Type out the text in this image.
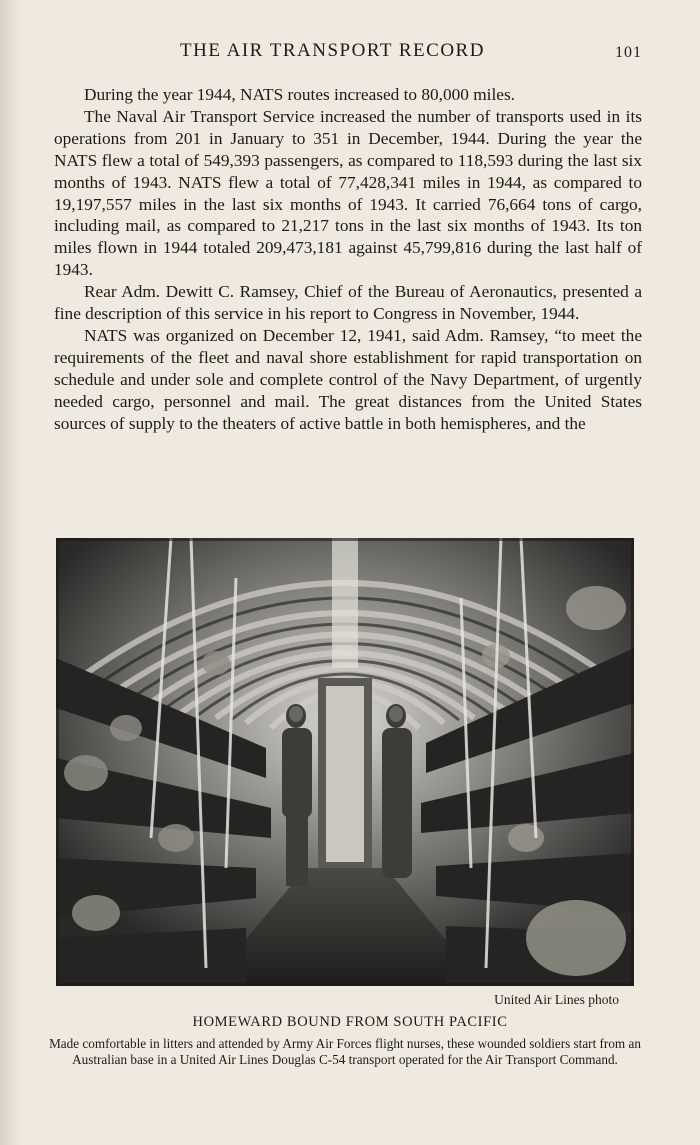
THE AIR TRANSPORT RECORD	101

During the year 1944, NATS routes increased to 80,000 miles.

The Naval Air Transport Service increased the number of transports used in its operations from 201 in January to 351 in December, 1944. During the year the NATS flew a total of 549,393 passengers, as compared to 118,593 during the last six months of 1943. NATS flew a total of 77,428,341 miles in 1944, as compared to 19,197,557 miles in the last six months of 1943. It carried 76,664 tons of cargo, including mail, as compared to 21,217 tons in the last six months of 1943. Its ton miles flown in 1944 totaled 209,473,181 against 45,799,816 during the last half of 1943.

Rear Adm. Dewitt C. Ramsey, Chief of the Bureau of Aeronautics, presented a fine description of this service in his report to Congress in November, 1944.

NATS was organized on December 12, 1941, said Adm. Ramsey, “to meet the requirements of the fleet and naval shore establishment for rapid transportation on schedule and under sole and complete control of the Navy Department, of urgently needed cargo, personnel and mail. The great distances from the United States sources of supply to the theaters of active battle in both hemispheres, and the

United Air Lines photo
HOMEWARD BOUND FROM SOUTH PACIFIC
Made comfortable in litters and attended by Army Air Forces flight nurses, these wounded soldiers start from an Australian base in a United Air Lines Douglas C-54 transport operated for the Air Transport Command.
